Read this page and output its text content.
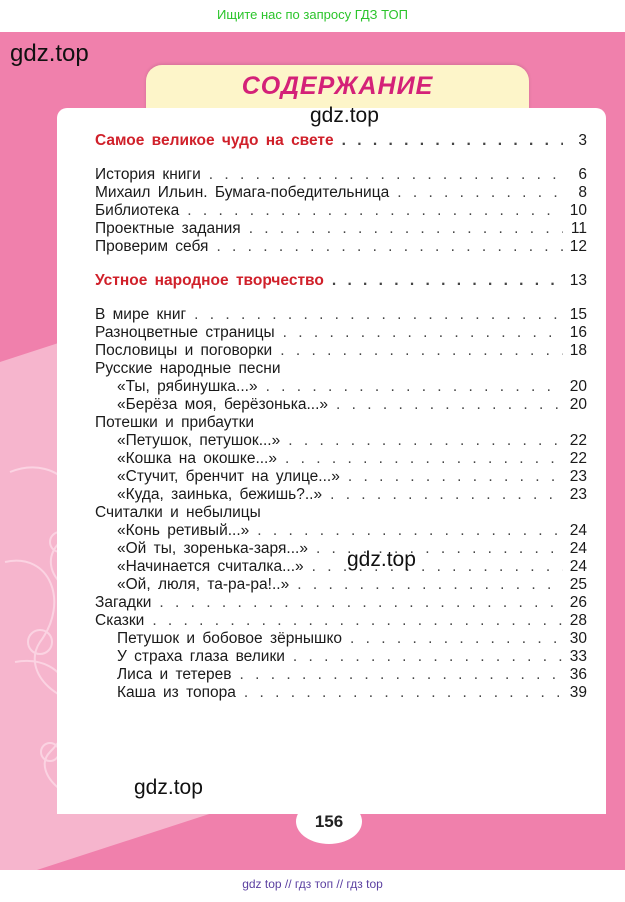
Ищите нас по запросу ГДЗ ТОП
gdz.top
СОДЕРЖАНИЕ
gdz.top
Самое великое чудо на свете . . .	3
История книги . . .	6
Михаил Ильин. Бумага-победительница . . .	8
Библиотека . . .	10
Проектные задания . . .	11
Проверим себя . . .	12
Устное народное творчество . . .	13
В мире книг . . .	15
Разноцветные страницы . . .	16
Пословицы и поговорки . . .	18
Русские народные песни
«Ты, рябинушка...» . . .	20
«Берёза моя, берёзонька...» . . .	20
Потешки и прибаутки
«Петушок, петушок...» . . .	22
«Кошка на окошке...» . . .	22
«Стучит, бренчит на улице...» . . .	23
«Куда, заинька, бежишь?..» . . .	23
Считалки и небылицы
«Конь ретивый...» . . .	24
«Ой ты, зоренька-заря...» . . .	24
«Начинается считалка...» . . .	24
«Ой, люля, та-ра-ра!..» . . .	25
Загадки . . .	26
Сказки . . .	28
Петушок и бобовое зёрнышко . . .	30
У страха глаза велики . . .	33
Лиса и тетерев . . .	36
Каша из топора . . .	39
gdz.top
gdz.top
156
gdz top // гдз топ // гдз top
